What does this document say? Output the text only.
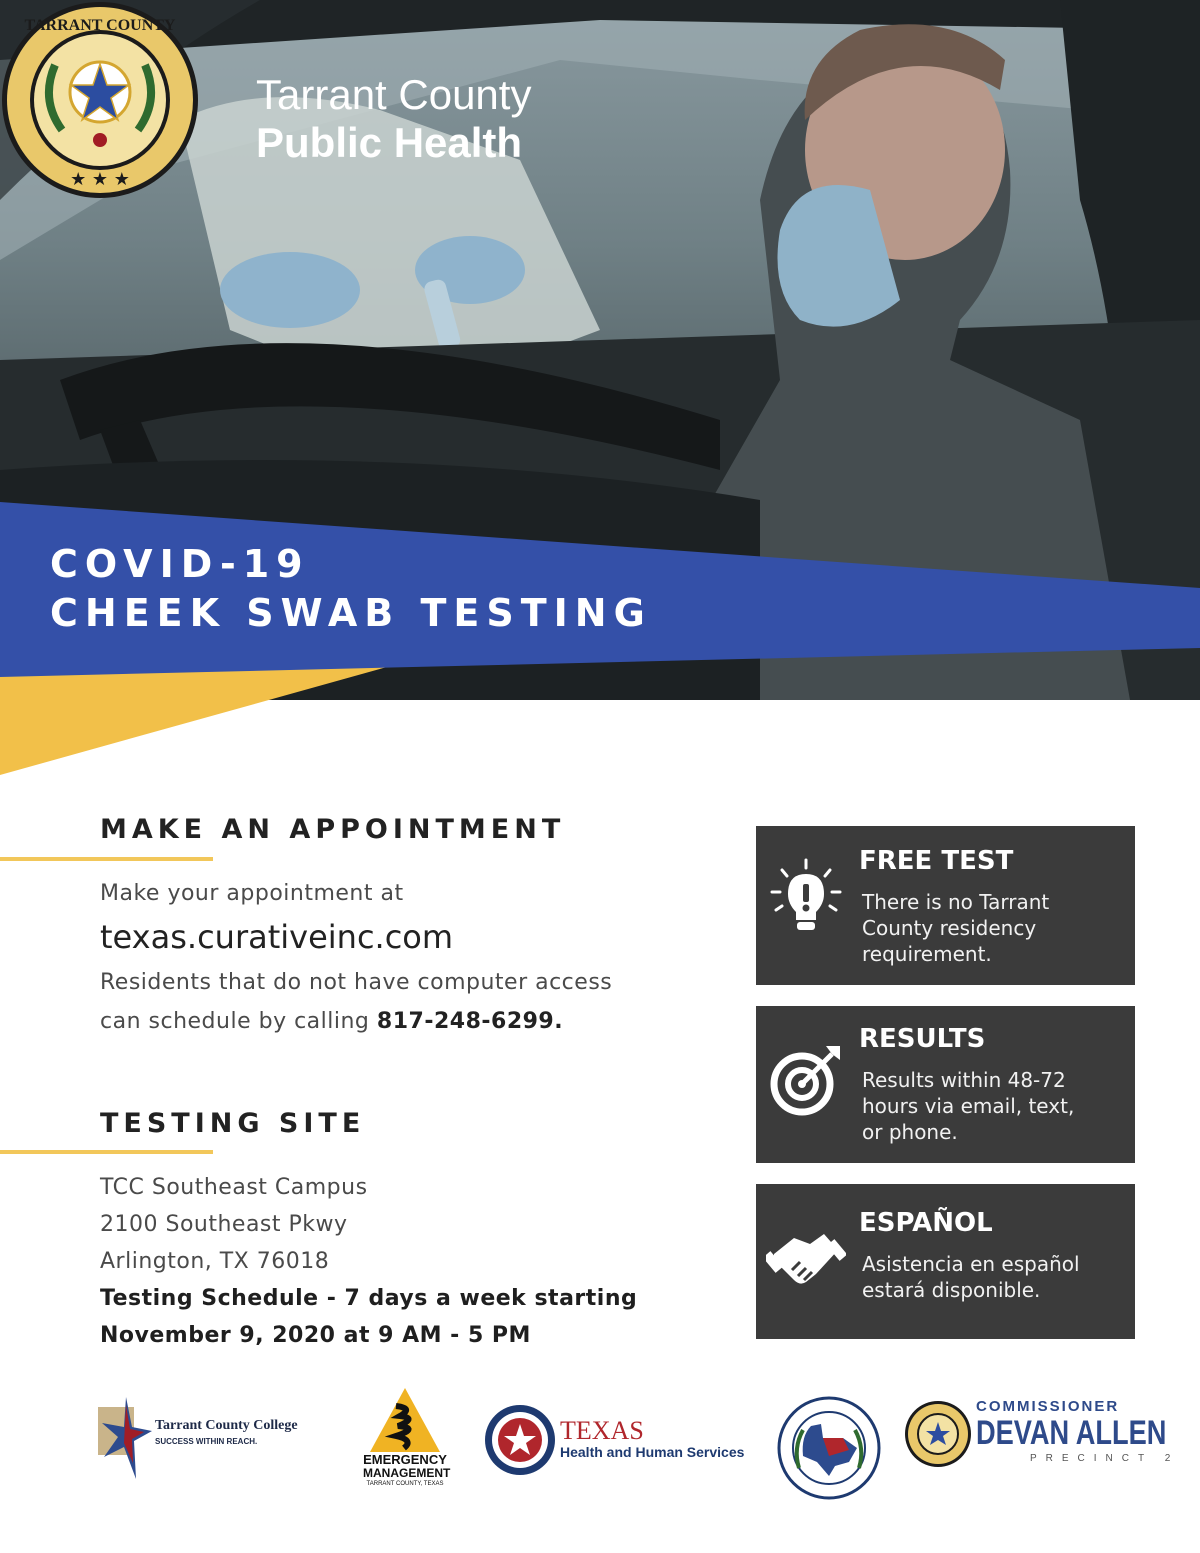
TARRANT COUNTY
★ ★ ★
Tarrant County
Public Health
COVID-19
CHEEK SWAB TESTING
MAKE AN APPOINTMENT
Make your appointment at
texas.curativeinc.com
Residents that do not have computer access
can schedule by calling 817-248-6299.
TESTING SITE
TCC Southeast Campus
2100 Southeast Pkwy
Arlington, TX 76018
Testing Schedule - 7 days a week starting
November 9, 2020 at 9 AM - 5 PM
FREE TEST
There is no Tarrant
County residency
requirement.
RESULTS
Results within 48-72
hours via email, text,
or phone.
ESPAÑOL
Asistencia en español
estará disponible.
Tarrant County College
SUCCESS WITHIN REACH.
EMERGENCY
MANAGEMENT
TARRANT COUNTY, TEXAS
TEXAS
Health and Human Services
COMMISSIONER
DEVAN ALLEN
PRECINCT 2
